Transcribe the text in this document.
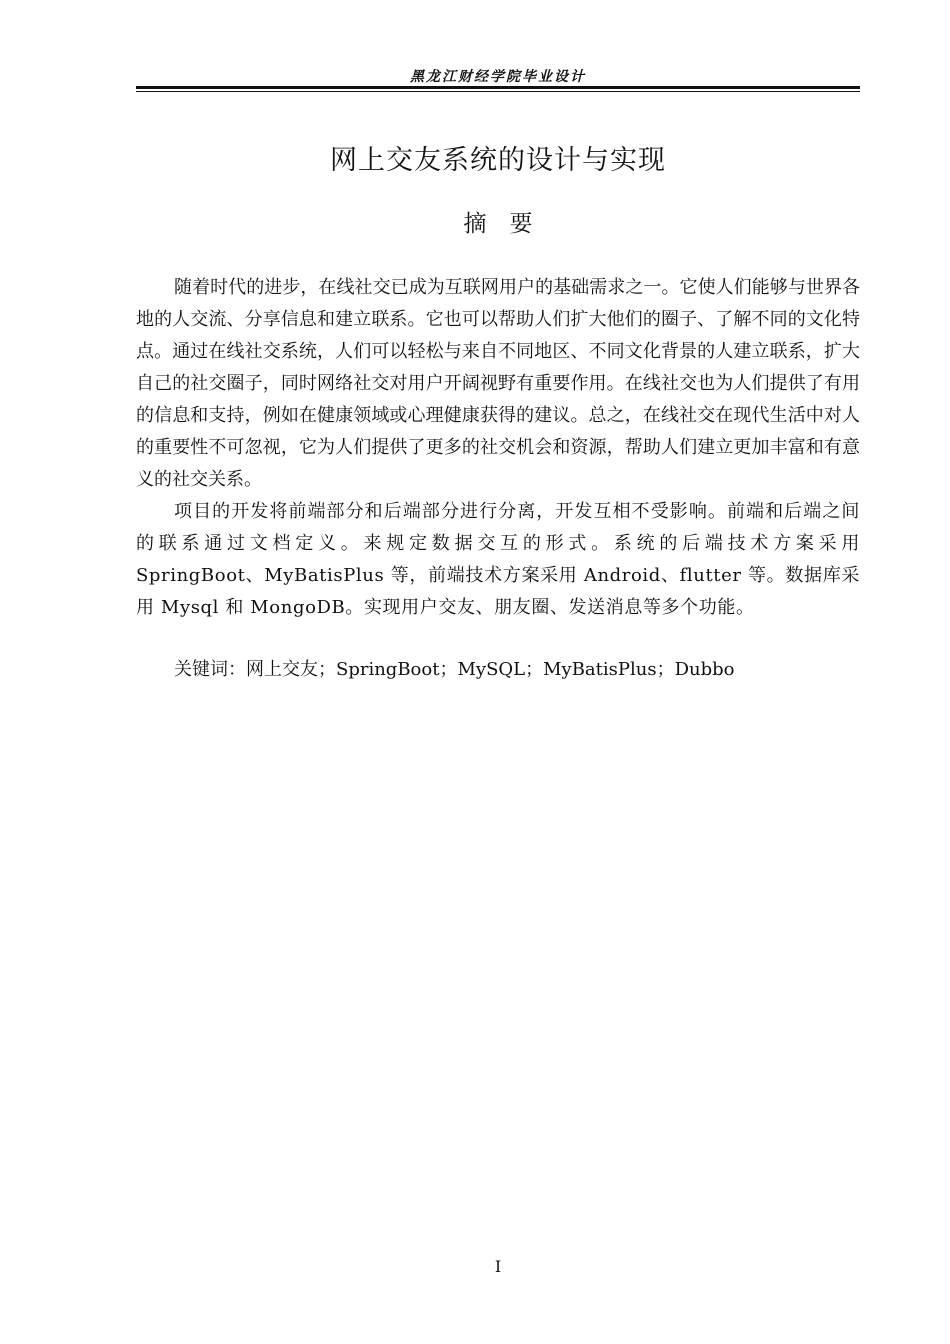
黑龙江财经学院毕业设计
网上交友系统的设计与实现
摘　要

随着时代的进步，在线社交已成为互联网用户的基础需求之一。它使人们能够与世界各地的人交流、分享信息和建立联系。它也可以帮助人们扩大他们的圈子、了解不同的文化特点。通过在线社交系统，人们可以轻松与来自不同地区、不同文化背景的人建立联系，扩大自己的社交圈子，同时网络社交对用户开阔视野有重要作用。在线社交也为人们提供了有用的信息和支持，例如在健康领域或心理健康获得的建议。总之，在线社交在现代生活中对人的重要性不可忽视，它为人们提供了更多的社交机会和资源，帮助人们建立更加丰富和有意义的社交关系。

项目的开发将前端部分和后端部分进行分离，开发互相不受影响。前端和后端之间的联系通过文档定义。来规定数据交互的形式。系统的后端技术方案采用 SpringBoot、MyBatisPlus 等，前端技术方案采用 Android、flutter 等。数据库采用 Mysql 和 MongoDB。实现用户交友、朋友圈、发送消息等多个功能。

关键词：网上交友；SpringBoot；MySQL；MyBatisPlus；Dubbo
I
